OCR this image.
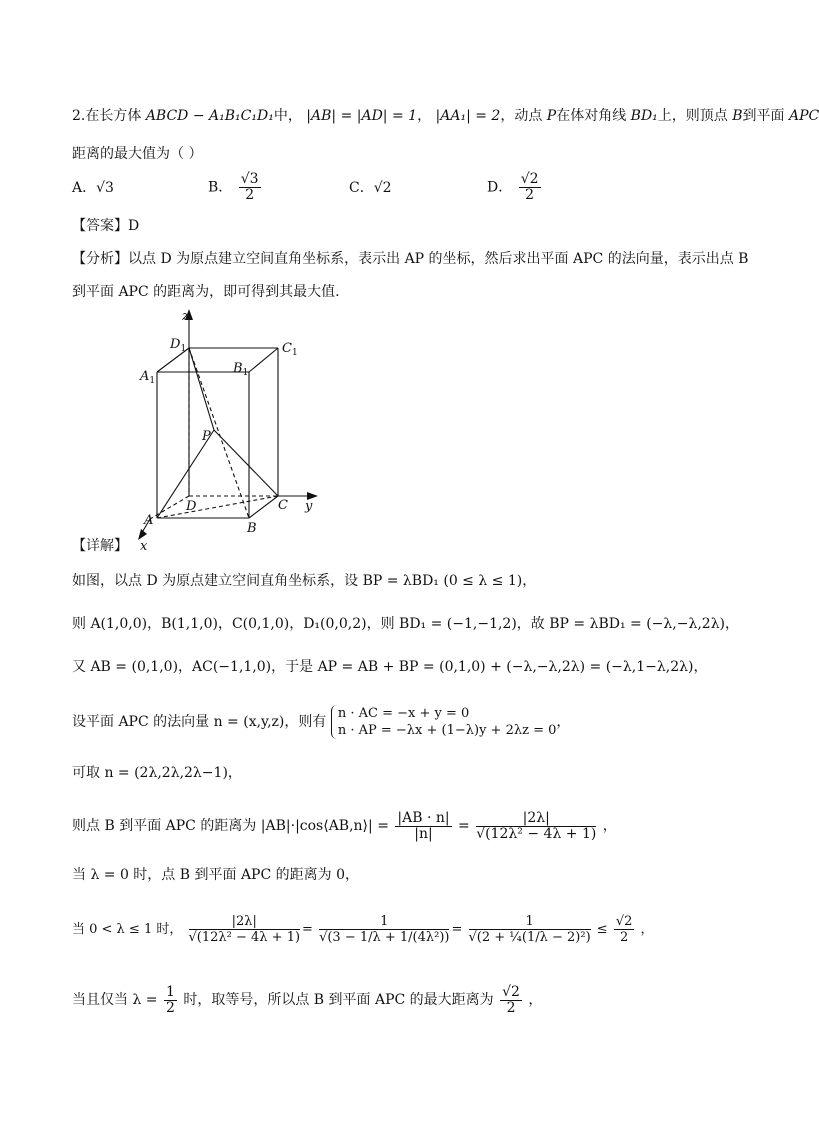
2.在长方体 ABCD − A₁B₁C₁D₁中， |AB| = |AD| = 1， |AA₁| = 2，动点 P在体对角线 BD₁上，则顶点 B到平面 APC
距离的最大值为（ ）
A．√3	B． $\frac{√3}{2}$	C．√2	D． $\frac{√2}{2}$
【答案】D
【分析】以点 D 为原点建立空间直角坐标系，表示出 AP 的坐标，然后求出平面 APC 的法向量，表示出点 B
到平面 APC 的距离为，即可得到其最大值.
z
y
x
$D_1$	$C_1$
$A_1$
$B_1$
P
D	C
A
B
【详解】
如图，以点 D 为原点建立空间直角坐标系，设 BP = λBD₁ (0 ≤ λ ≤ 1)，
则 A(1,0,0)，B(1,1,0)，C(0,1,0)，D₁(0,0,2)，则 BD₁ = (−1,−1,2)，故 BP = λBD₁ = (−λ,−λ,2λ)，
又 AB = (0,1,0)，AC(−1,1,0)，于是 AP = AB + BP = (0,1,0) + (−λ,−λ,2λ) = (−λ,1−λ,2λ)，
设平面 APC 的法向量 n = (x,y,z)，则有
n · AC = −x + y = 0
n · AP = −λx + (1−λ)y + 2λz = 0
，
可取 n = (2λ,2λ,2λ−1)，
则点 B 到平面 APC 的距离为 |AB|·|cos⟨AB,n⟩| = $\frac{|AB \cdot n|}{|n|} = \frac{|2\lambda|}{\text{√(12λ² − 4λ + 1)}}$ ，
当 λ = 0 时，点 B 到平面 APC 的距离为 0，
当 0 < λ ≤ 1 时， $\frac{|2\lambda|}{\text{√(12λ² − 4λ + 1)}} = \frac{1}{\text{√(3 − 1/λ + 1/(4λ²))}} = \frac{1}{\text{√(2 + ¼(1/λ − 2)²)}} \le \frac{√2}{2}$ ，
当且仅当 $\lambda = \frac{1}{2}$ 时，取等号，所以点 B 到平面 APC 的最大距离为 $\frac{√2}{2}$ ，
